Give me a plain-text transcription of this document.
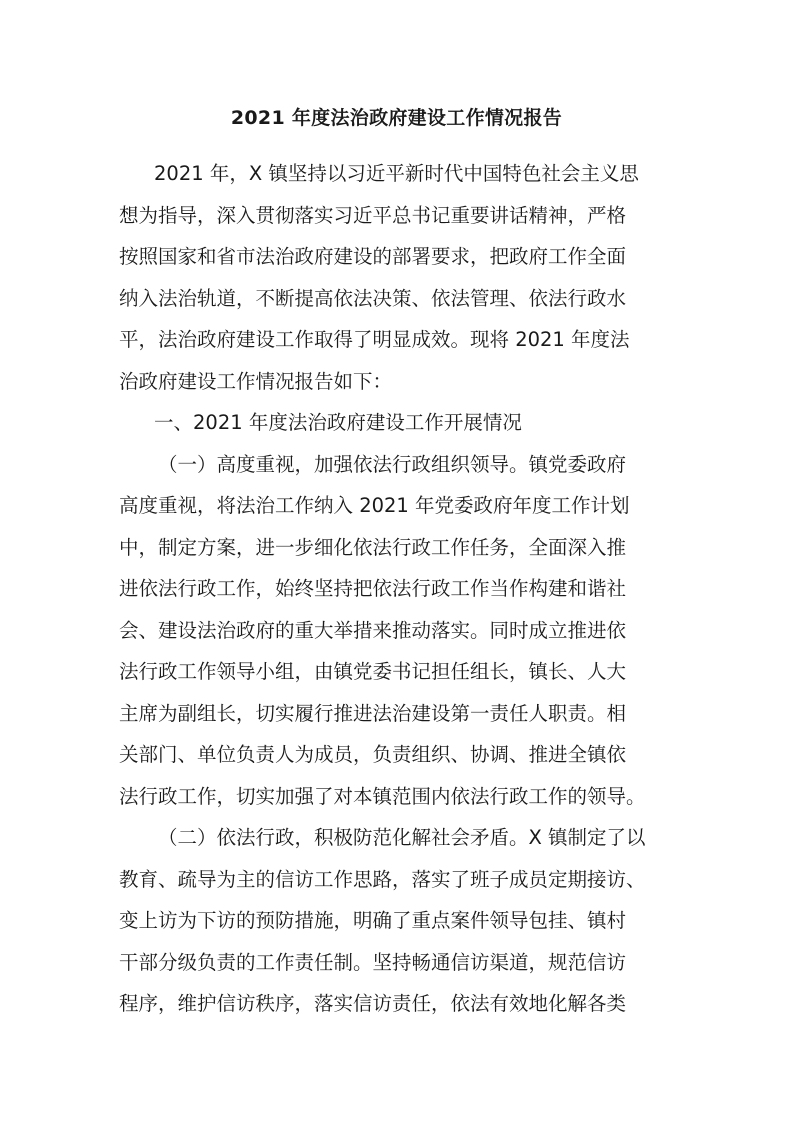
2021 年度法治政府建设工作情况报告
2021 年，X 镇坚持以习近平新时代中国特色社会主义思
想为指导，深入贯彻落实习近平总书记重要讲话精神，严格
按照国家和省市法治政府建设的部署要求，把政府工作全面
纳入法治轨道，不断提高依法决策、依法管理、依法行政水
平，法治政府建设工作取得了明显成效。现将 2021 年度法
治政府建设工作情况报告如下：
一、2021 年度法治政府建设工作开展情况
（一）高度重视，加强依法行政组织领导。镇党委政府
高度重视，将法治工作纳入 2021 年党委政府年度工作计划
中，制定方案，进一步细化依法行政工作任务，全面深入推
进依法行政工作，始终坚持把依法行政工作当作构建和谐社
会、建设法治政府的重大举措来推动落实。同时成立推进依
法行政工作领导小组，由镇党委书记担任组长，镇长、人大
主席为副组长，切实履行推进法治建设第一责任人职责。相
关部门、单位负责人为成员，负责组织、协调、推进全镇依
法行政工作，切实加强了对本镇范围内依法行政工作的领导。
（二）依法行政，积极防范化解社会矛盾。X 镇制定了以
教育、疏导为主的信访工作思路，落实了班子成员定期接访、
变上访为下访的预防措施，明确了重点案件领导包挂、镇村
干部分级负责的工作责任制。坚持畅通信访渠道，规范信访
程序，维护信访秩序，落实信访责任，依法有效地化解各类
